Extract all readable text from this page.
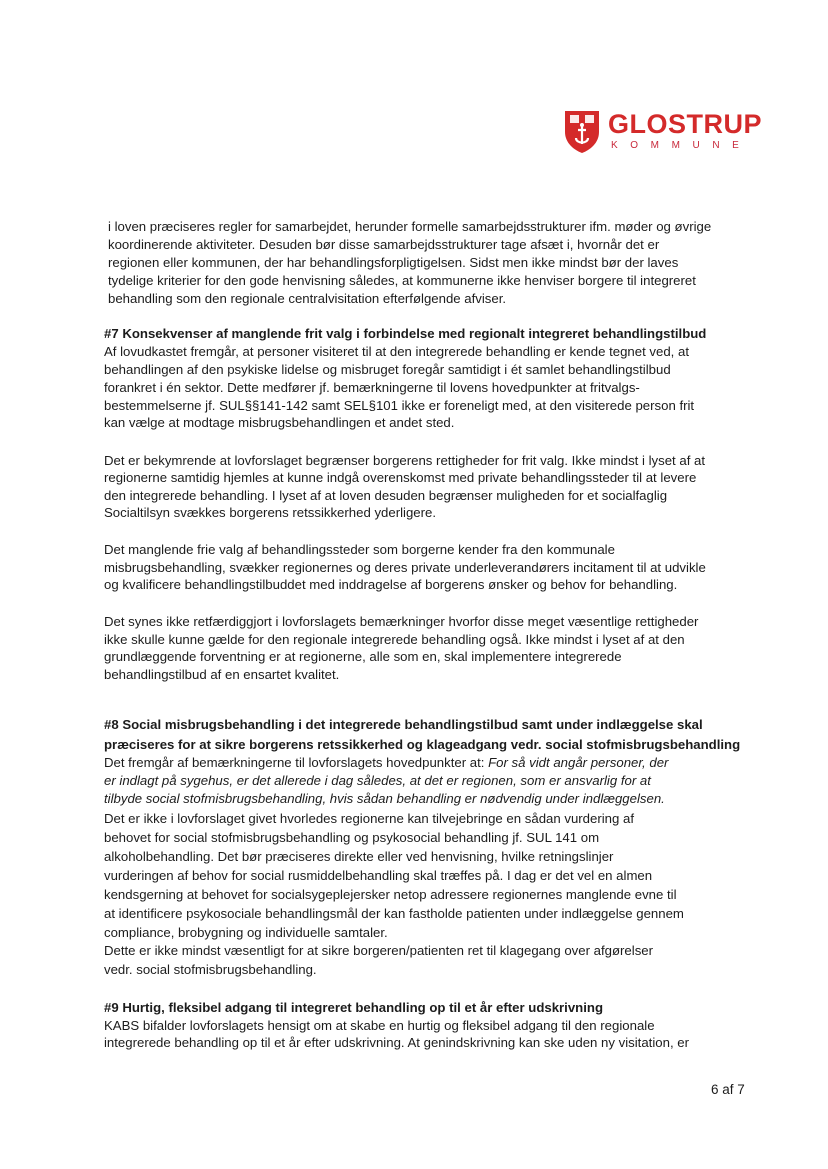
GLOSTRUP
KOMMUNE

i loven præciseres regler for samarbejdet, herunder formelle samarbejdsstrukturer ifm. møder og øvrige

koordinerende aktiviteter. Desuden bør disse samarbejdsstrukturer tage afsæt i, hvornår det er

regionen eller kommunen, der har behandlingsforpligtigelsen. Sidst men ikke mindst bør der laves

tydelige kriterier for den gode henvisning således, at kommunerne ikke henviser borgere til integreret

behandling som den regionale centralvisitation efterfølgende afviser.

#7 Konsekvenser af manglende frit valg i forbindelse med regionalt integreret behandlingstilbud

Af lovudkastet fremgår, at personer visiteret til at den integrerede behandling er kende tegnet ved, at

behandlingen af den psykiske lidelse og misbruget foregår samtidigt i ét samlet behandlingstilbud

forankret i én sektor. Dette medfører jf. bemærkningerne til lovens hovedpunkter at fritvalgs-

bestemmelserne jf. SUL§§141-142 samt SEL§101 ikke er foreneligt med, at den visiterede person frit

kan vælge at modtage misbrugsbehandlingen et andet sted.

Det er bekymrende at lovforslaget begrænser borgerens rettigheder for frit valg. Ikke mindst i lyset af at

regionerne samtidig hjemles at kunne indgå overenskomst med private behandlingssteder til at levere

den integrerede behandling. I lyset af at loven desuden begrænser muligheden for et socialfaglig

Socialtilsyn svækkes borgerens retssikkerhed yderligere.

Det manglende frie valg af behandlingssteder som borgerne kender fra den kommunale

misbrugsbehandling, svækker regionernes og deres private underleverandørers incitament til at udvikle

og kvalificere behandlingstilbuddet med inddragelse af borgerens ønsker og behov for behandling.

Det synes ikke retfærdiggjort i lovforslagets bemærkninger hvorfor disse meget væsentlige rettigheder

ikke skulle kunne gælde for den regionale integrerede behandling også. Ikke mindst i lyset af at den

grundlæggende forventning er at regionerne, alle som en, skal implementere integrerede

behandlingstilbud af en ensartet kvalitet.

#8 Social misbrugsbehandling i det integrerede behandlingstilbud samt under indlæggelse skal

præciseres for at sikre borgerens retssikkerhed og klageadgang vedr. social stofmisbrugsbehandling

Det fremgår af bemærkningerne til lovforslagets hovedpunkter at: For så vidt angår personer, der

er indlagt på sygehus, er det allerede i dag således, at det er regionen, som er ansvarlig for at

tilbyde social stofmisbrugsbehandling, hvis sådan behandling er nødvendig under indlæggelsen.

Det er ikke i lovforslaget givet hvorledes regionerne kan tilvejebringe en sådan vurdering af

behovet for social stofmisbrugsbehandling og psykosocial behandling jf. SUL 141 om

alkoholbehandling. Det bør præciseres direkte eller ved henvisning, hvilke retningslinjer

vurderingen af behov for social rusmiddelbehandling skal træffes på. I dag er det vel en almen

kendsgerning at behovet for socialsygeplejersker netop adressere regionernes manglende evne til

at identificere psykosociale behandlingsmål der kan fastholde patienten under indlæggelse gennem

compliance, brobygning og individuelle samtaler.

Dette er ikke mindst væsentligt for at sikre borgeren/patienten ret til klagegang over afgørelser

vedr. social stofmisbrugsbehandling.

#9 Hurtig, fleksibel adgang til integreret behandling op til et år efter udskrivning

KABS bifalder lovforslagets hensigt om at skabe en hurtig og fleksibel adgang til den regionale

integrerede behandling op til et år efter udskrivning. At genindskrivning kan ske uden ny visitation, er

6 af 7
